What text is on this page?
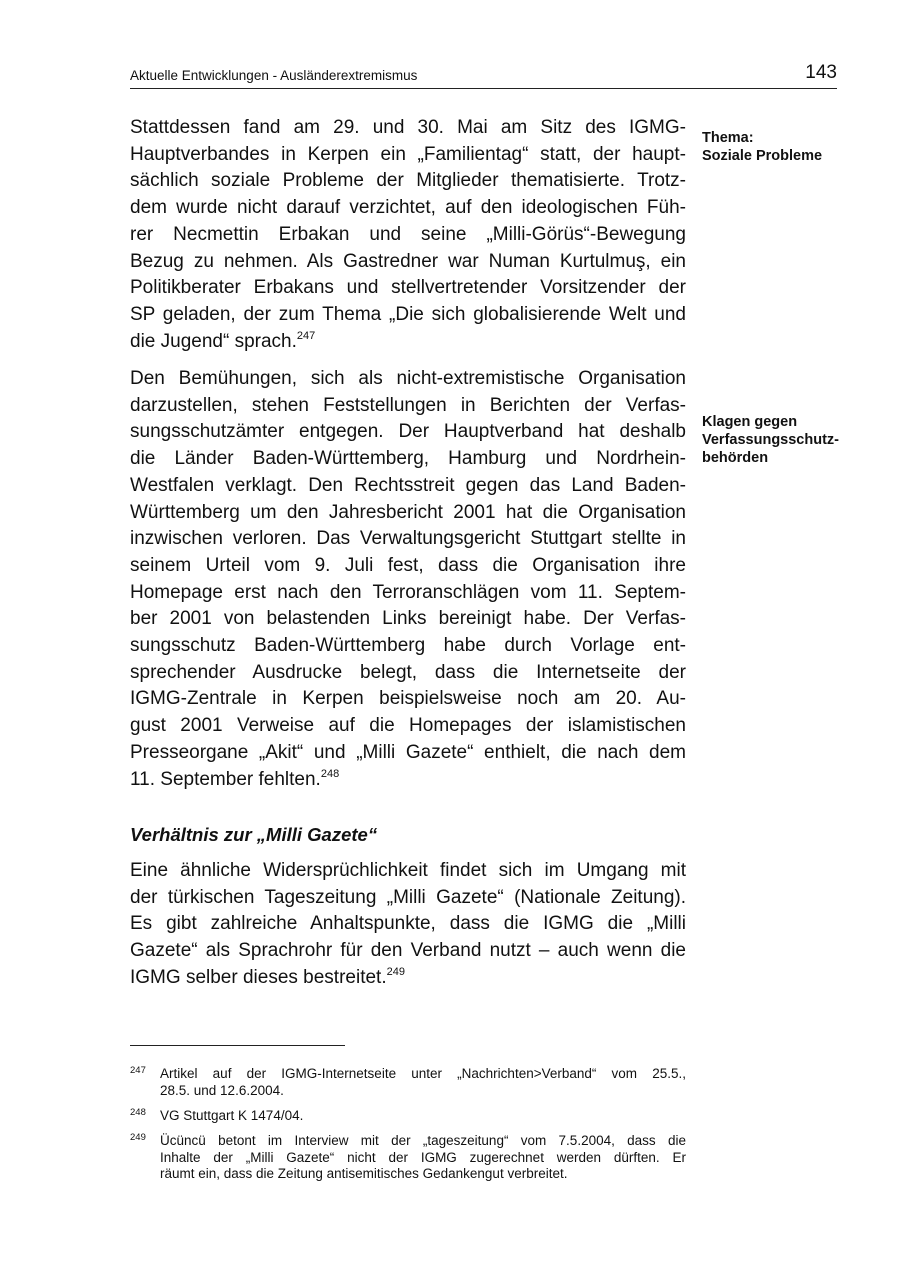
Aktuelle Entwicklungen - Ausländerextremismus	143

Stattdessen fand am 29. und 30. Mai am Sitz des IGMG-
Hauptverbandes in Kerpen ein „Familientag“ statt, der haupt-
sächlich soziale Probleme der Mitglieder thematisierte. Trotz-
dem wurde nicht darauf verzichtet, auf den ideologischen Füh-
rer Necmettin Erbakan und seine „Milli-Görüs“-Bewegung
Bezug zu nehmen. Als Gastredner war Numan Kurtulmuş, ein
Politikberater Erbakans und stellvertretender Vorsitzender der
SP geladen, der zum Thema „Die sich globalisierende Welt und
die Jugend“ sprach.$^{247}$

Den Bemühungen, sich als nicht-extremistische Organisation
darzustellen, stehen Feststellungen in Berichten der Verfas-
sungsschutzämter entgegen. Der Hauptverband hat deshalb
die Länder Baden-Württemberg, Hamburg und Nordrhein-
Westfalen verklagt. Den Rechtsstreit gegen das Land Baden-
Württemberg um den Jahresbericht 2001 hat die Organisation
inzwischen verloren. Das Verwaltungsgericht Stuttgart stellte in
seinem Urteil vom 9. Juli fest, dass die Organisation ihre
Homepage erst nach den Terroranschlägen vom 11. Septem-
ber 2001 von belastenden Links bereinigt habe. Der Verfas-
sungsschutz Baden-Württemberg habe durch Vorlage ent-
sprechender Ausdrucke belegt, dass die Internetseite der
IGMG-Zentrale in Kerpen beispielsweise noch am 20. Au-
gust 2001 Verweise auf die Homepages der islamistischen
Presseorgane „Akit“ und „Milli Gazete“ enthielt, die nach dem
11. September fehlten.$^{248}$

Verhältnis zur „Milli Gazete“

Eine ähnliche Widersprüchlichkeit findet sich im Umgang mit
der türkischen Tageszeitung „Milli Gazete“ (Nationale Zeitung).
Es gibt zahlreiche Anhaltspunkte, dass die IGMG die „Milli
Gazete“ als Sprachrohr für den Verband nutzt – auch wenn die
IGMG selber dieses bestreitet.$^{249}$

Thema:
Soziale Probleme
Klagen gegen
Verfassungsschutz-
behörden
247 Artikel auf der IGMG-Internetseite unter „Nachrichten>Verband“ vom 25.5.,
28.5. und 12.6.2004.
248 VG Stuttgart K 1474/04.
249 Ücüncü betont im Interview mit der „tageszeitung“ vom 7.5.2004, dass die
Inhalte der „Milli Gazete“ nicht der IGMG zugerechnet werden dürften. Er
räumt ein, dass die Zeitung antisemitisches Gedankengut verbreitet.
